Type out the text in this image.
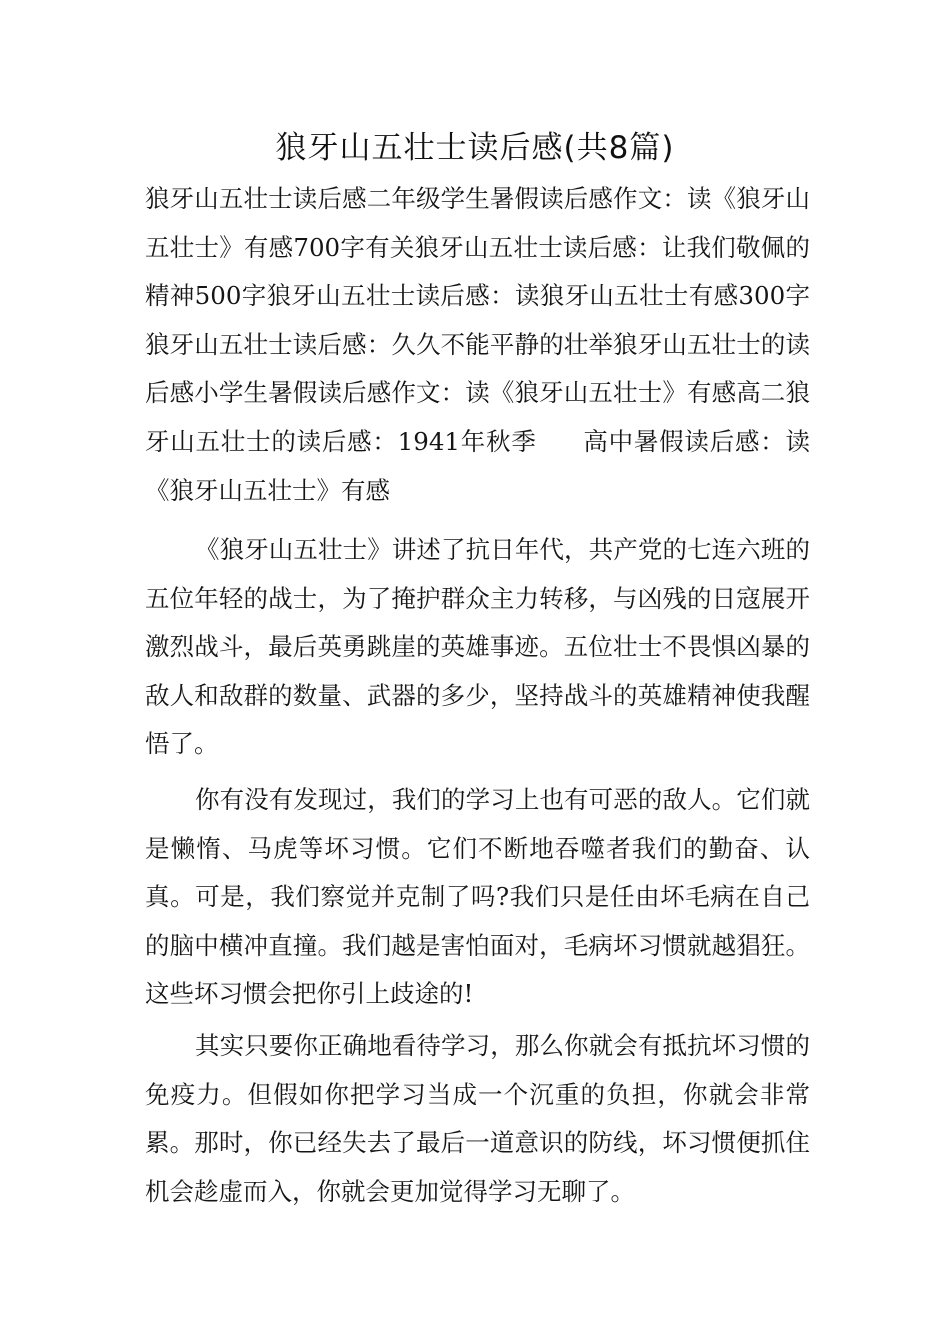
狼牙山五壮士读后感(共8篇)

狼牙山五壮士读后感二年级学生暑假读后感作文：读《狼牙山五壮士》有感700字有关狼牙山五壮士读后感：让我们敬佩的精神500字狼牙山五壮士读后感：读狼牙山五壮士有感300字狼牙山五壮士读后感：久久不能平静的壮举狼牙山五壮士的读后感小学生暑假读后感作文：读《狼牙山五壮士》有感高二狼牙山五壮士的读后感：1941年秋季 高中暑假读后感：读《狼牙山五壮士》有感

《狼牙山五壮士》讲述了抗日年代，共产党的七连六班的五位年轻的战士，为了掩护群众主力转移，与凶残的日寇展开激烈战斗，最后英勇跳崖的英雄事迹。五位壮士不畏惧凶暴的敌人和敌群的数量、武器的多少，坚持战斗的英雄精神使我醒悟了。

你有没有发现过，我们的学习上也有可恶的敌人。它们就是懒惰、马虎等坏习惯。它们不断地吞噬者我们的勤奋、认真。可是，我们察觉并克制了吗?我们只是任由坏毛病在自己的脑中横冲直撞。我们越是害怕面对，毛病坏习惯就越猖狂。这些坏习惯会把你引上歧途的!

其实只要你正确地看待学习，那么你就会有抵抗坏习惯的免疫力。但假如你把学习当成一个沉重的负担，你就会非常累。那时，你已经失去了最后一道意识的防线，坏习惯便抓住机会趁虚而入，你就会更加觉得学习无聊了。
